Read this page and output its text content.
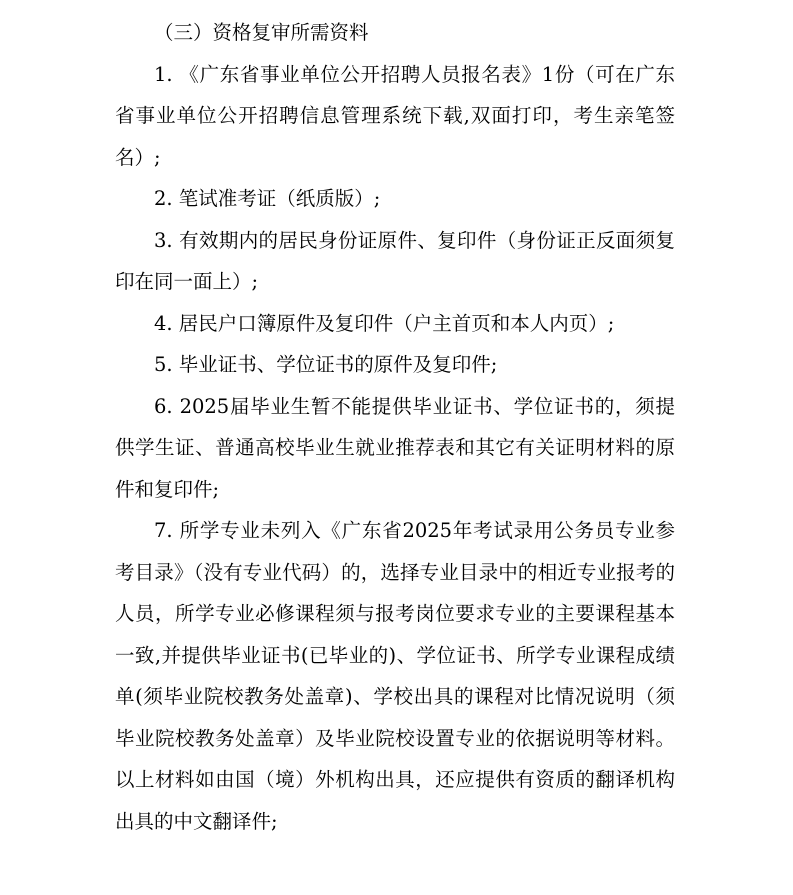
（三）资格复审所需资料

1. 《广东省事业单位公开招聘人员报名表》1份（可在广东省事业单位公开招聘信息管理系统下载,双面打印，考生亲笔签名）;

2. 笔试准考证（纸质版）;

3. 有效期内的居民身份证原件、复印件（身份证正反面须复印在同一面上）;

4. 居民户口簿原件及复印件（户主首页和本人内页）;

5. 毕业证书、学位证书的原件及复印件;

6. 2025届毕业生暂不能提供毕业证书、学位证书的，须提供学生证、普通高校毕业生就业推荐表和其它有关证明材料的原件和复印件;

7. 所学专业未列入《广东省2025年考试录用公务员专业参考目录》（没有专业代码）的，选择专业目录中的相近专业报考的人员，所学专业必修课程须与报考岗位要求专业的主要课程基本一致,并提供毕业证书(已毕业的)、学位证书、所学专业课程成绩单(须毕业院校教务处盖章)、学校出具的课程对比情况说明（须毕业院校教务处盖章）及毕业院校设置专业的依据说明等材料。以上材料如由国（境）外机构出具，还应提供有资质的翻译机构出具的中文翻译件;
